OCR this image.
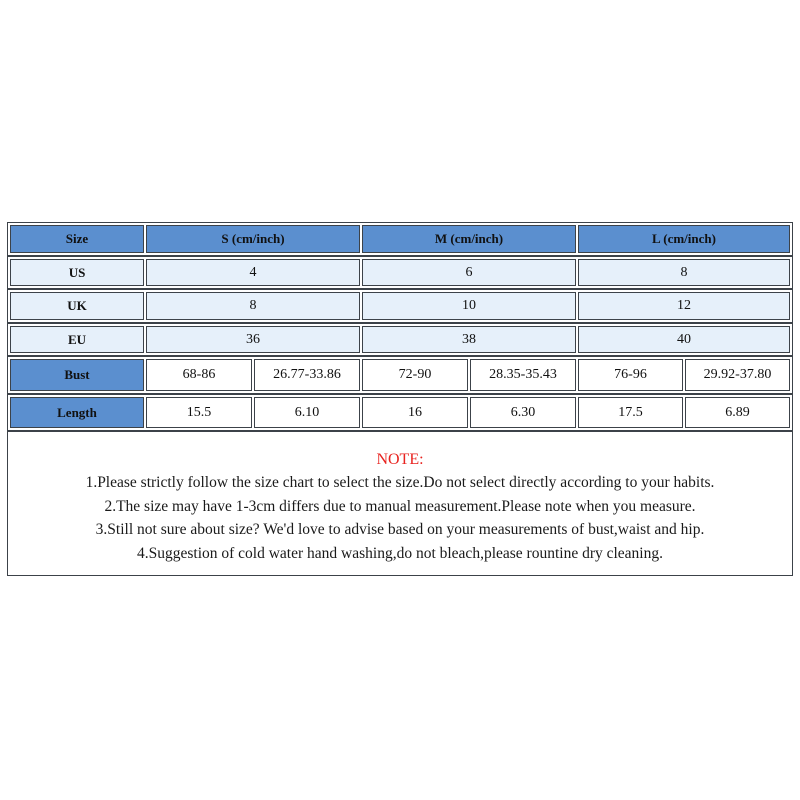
Size	S (cm/inch)	M (cm/inch)	L (cm/inch)
US	4	6	8
UK	8	10	12
EU	36	38	40
Bust	68-86	26.77-33.86	72-90	28.35-35.43	76-96	29.92-37.80
Length	15.5	6.10	16	6.30	17.5	6.89
NOTE:
1.Please strictly follow the size chart to select the size.Do not select directly according to your habits.
2.The size may have 1-3cm differs due to manual measurement.Please note when you measure.
3.Still not sure about size? We'd love to advise based on your measurements of bust,waist and hip.
4.Suggestion of cold water hand washing,do not bleach,please rountine dry cleaning.
